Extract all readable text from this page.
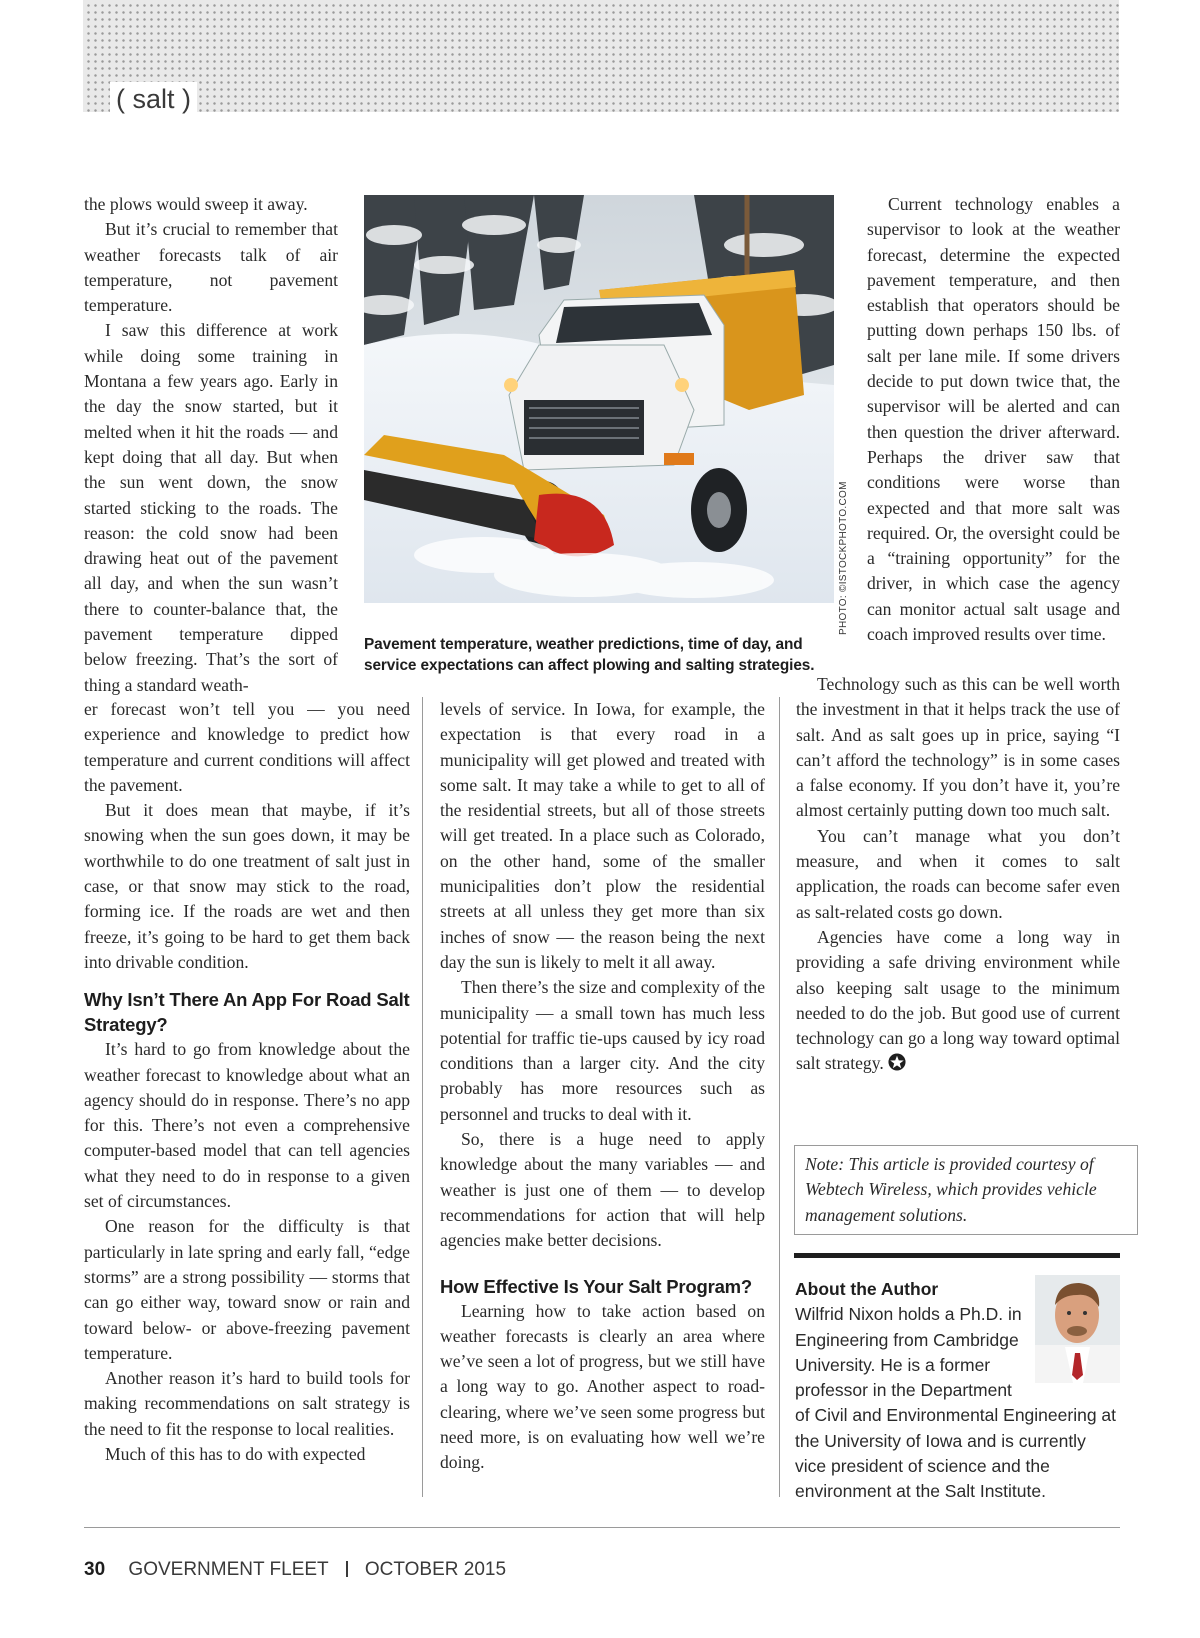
( salt )

the plows would sweep it away.

But it’s crucial to remember that weather forecasts talk of air temperature, not pavement temperature.

I saw this difference at work while doing some training in Montana a few years ago. Early in the day the snow started, but it melted when it hit the roads — and kept doing that all day. But when the sun went down, the snow started sticking to the roads. The reason: the cold snow had been drawing heat out of the pavement all day, and when the sun wasn’t there to counter-balance that, the pavement temperature dipped below freezing. That’s the sort of thing a standard weath-

er forecast won’t tell you — you need experience and knowledge to predict how temperature and current conditions will affect the pavement.

But it does mean that maybe, if it’s snowing when the sun goes down, it may be worthwhile to do one treatment of salt just in case, or that snow may stick to the road, forming ice. If the roads are wet and then freeze, it’s going to be hard to get them back into drivable condition.

Why Isn’t There An App For Road Salt Strategy?

It’s hard to go from knowledge about the weather forecast to knowledge about what an agency should do in response. There’s no app for this. There’s not even a comprehensive computer-based model that can tell agencies what they need to do in response to a given set of circumstances.

One reason for the difficulty is that particularly in late spring and early fall, “edge storms” are a strong possibility — storms that can go either way, toward snow or rain and toward below- or above-freezing pavement temperature.

Another reason it’s hard to build tools for making recommendations on salt strategy is the need to fit the response to local realities.

Much of this has to do with expected

levels of service. In Iowa, for example, the expectation is that every road in a municipality will get plowed and treated with some salt. It may take a while to get to all of the residential streets, but all of those streets will get treated. In a place such as Colorado, on the other hand, some of the smaller municipalities don’t plow the residential streets at all unless they get more than six inches of snow — the reason being the next day the sun is likely to melt it all away.

Then there’s the size and complexity of the municipality — a small town has much less potential for traffic tie-ups caused by icy road conditions than a larger city. And the city probably has more resources such as personnel and trucks to deal with it.

So, there is a huge need to apply knowledge about the many variables — and weather is just one of them — to develop recommendations for action that will help agencies make better decisions.

How Effective Is Your Salt Program?

Learning how to take action based on weather forecasts is clearly an area where we’ve seen a lot of progress, but we still have a long way to go. Another aspect to road-clearing, where we’ve seen some progress but need more, is on evaluating how well we’re doing.

PHOTO: ©ISTOCKPHOTO.COM
Pavement temperature, weather predictions, time of day, and service expectations can affect plowing and salting strategies.

Current technology enables a supervisor to look at the weather forecast, determine the expected pavement temperature, and then establish that operators should be putting down perhaps 150 lbs. of salt per lane mile. If some drivers decide to put down twice that, the supervisor will be alerted and can then question the driver afterward. Perhaps the driver saw that conditions were worse than expected and that more salt was required. Or, the oversight could be a “training opportunity” for the driver, in which case the agency can monitor actual salt usage and coach improved results over time.

Technology such as this can be well worth the investment in that it helps track the use of salt. And as salt goes up in price, saying “I can’t afford the technology” is in some cases a false economy. If you don’t have it, you’re almost certainly putting down too much salt.

You can’t manage what you don’t measure, and when it comes to salt application, the roads can become safer even as salt-related costs go down.

Agencies have come a long way in providing a safe driving environment while also keeping salt usage to the minimum needed to do the job. But good use of current technology can go a long way toward optimal salt strategy.

Note: This article is provided courtesy of Webtech Wireless, which provides vehicle management solutions.
About the Author
Wilfrid Nixon holds a Ph.D. in Engineering from Cambridge University. He is a former professor in the Department of Civil and Environmental Engineering at the University of Iowa and is currently vice president of science and the environment at the Salt Institute.
30 GOVERNMENT FLEET OCTOBER 2015
